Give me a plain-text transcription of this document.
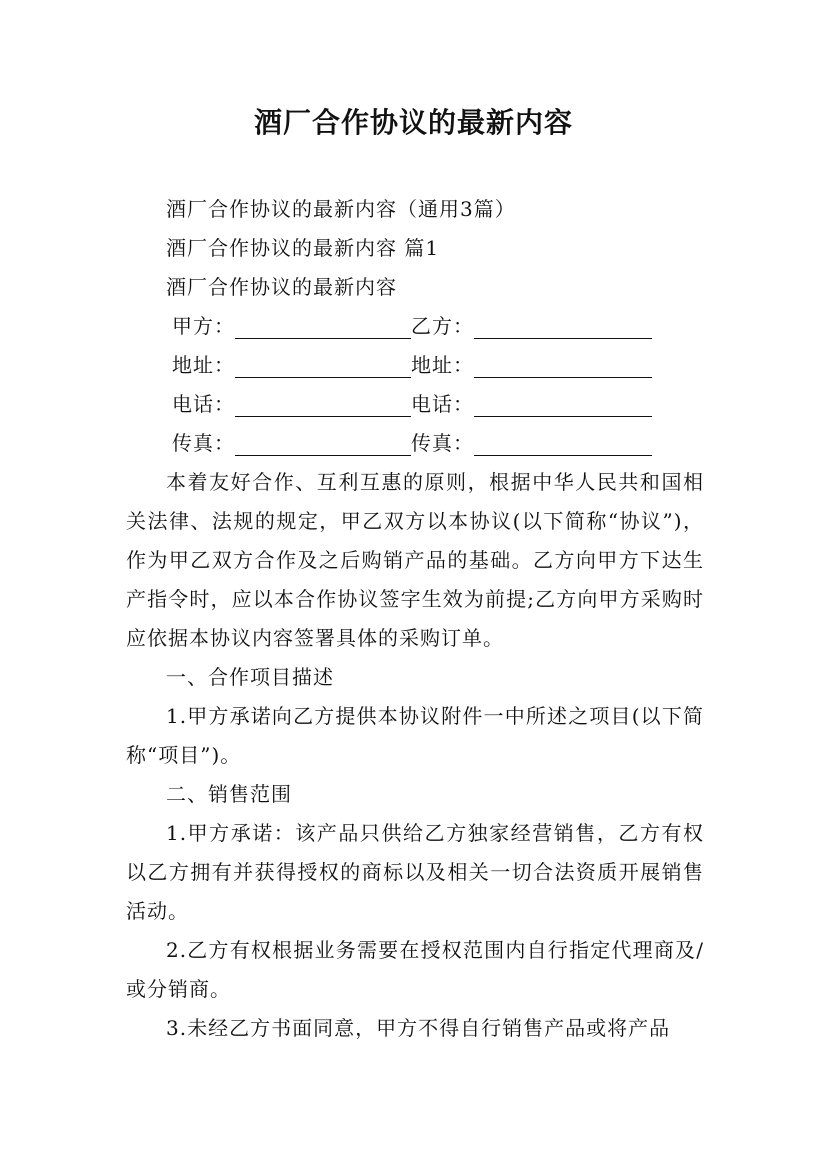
酒厂合作协议的最新内容

酒厂合作协议的最新内容（通用3篇）

酒厂合作协议的最新内容 篇1

酒厂合作协议的最新内容

甲方：	乙方：
地址：	地址：
电话：	电话：
传真：	传真：

本着友好合作、互利互惠的原则，根据中华人民共和国相关法律、法规的规定，甲乙双方以本协议(以下简称“协议”)，作为甲乙双方合作及之后购销产品的基础。乙方向甲方下达生产指令时，应以本合作协议签字生效为前提;乙方向甲方采购时应依据本协议内容签署具体的采购订单。

一、合作项目描述

1.甲方承诺向乙方提供本协议附件一中所述之项目(以下简称“项目”)。

二、销售范围

1.甲方承诺：该产品只供给乙方独家经营销售，乙方有权以乙方拥有并获得授权的商标以及相关一切合法资质开展销售活动。

2.乙方有权根据业务需要在授权范围内自行指定代理商及/或分销商。

3.未经乙方书面同意，甲方不得自行销售产品或将产品
